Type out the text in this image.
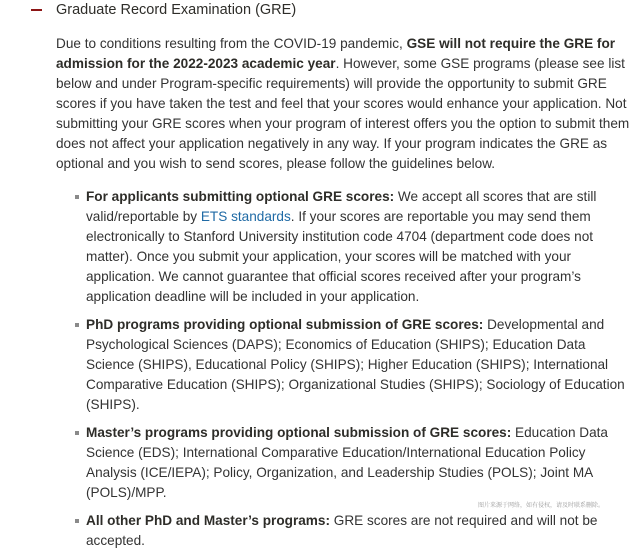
Graduate Record Examination (GRE)

Due to conditions resulting from the COVID-19 pandemic, GSE will not require the GRE for admission for the 2022-2023 academic year. However, some GSE programs (please see list below and under Program-specific requirements) will provide the opportunity to submit GRE scores if you have taken the test and feel that your scores would enhance your application. Not submitting your GRE scores when your program of interest offers you the option to submit them does not affect your application negatively in any way. If your program indicates the GRE as optional and you wish to send scores, please follow the guidelines below.

For applicants submitting optional GRE scores: We accept all scores that are still valid/reportable by ETS standards. If your scores are reportable you may send them electronically to Stanford University institution code 4704 (department code does not matter). Once you submit your application, your scores will be matched with your application. We cannot guarantee that official scores received after your program’s application deadline will be included in your application.
PhD programs providing optional submission of GRE scores: Developmental and Psychological Sciences (DAPS); Economics of Education (SHIPS); Education Data Science (SHIPS), Educational Policy (SHIPS); Higher Education (SHIPS); International Comparative Education (SHIPS); Organizational Studies (SHIPS); Sociology of Education (SHIPS).
Master’s programs providing optional submission of GRE scores: Education Data Science (EDS); International Comparative Education/International Education Policy Analysis (ICE/IEPA); Policy, Organization, and Leadership Studies (POLS); Joint MA (POLS)/MPP.
All other PhD and Master’s programs: GRE scores are not required and will not be accepted.
图片来源于网络，如有侵权，请及时联系删除。
